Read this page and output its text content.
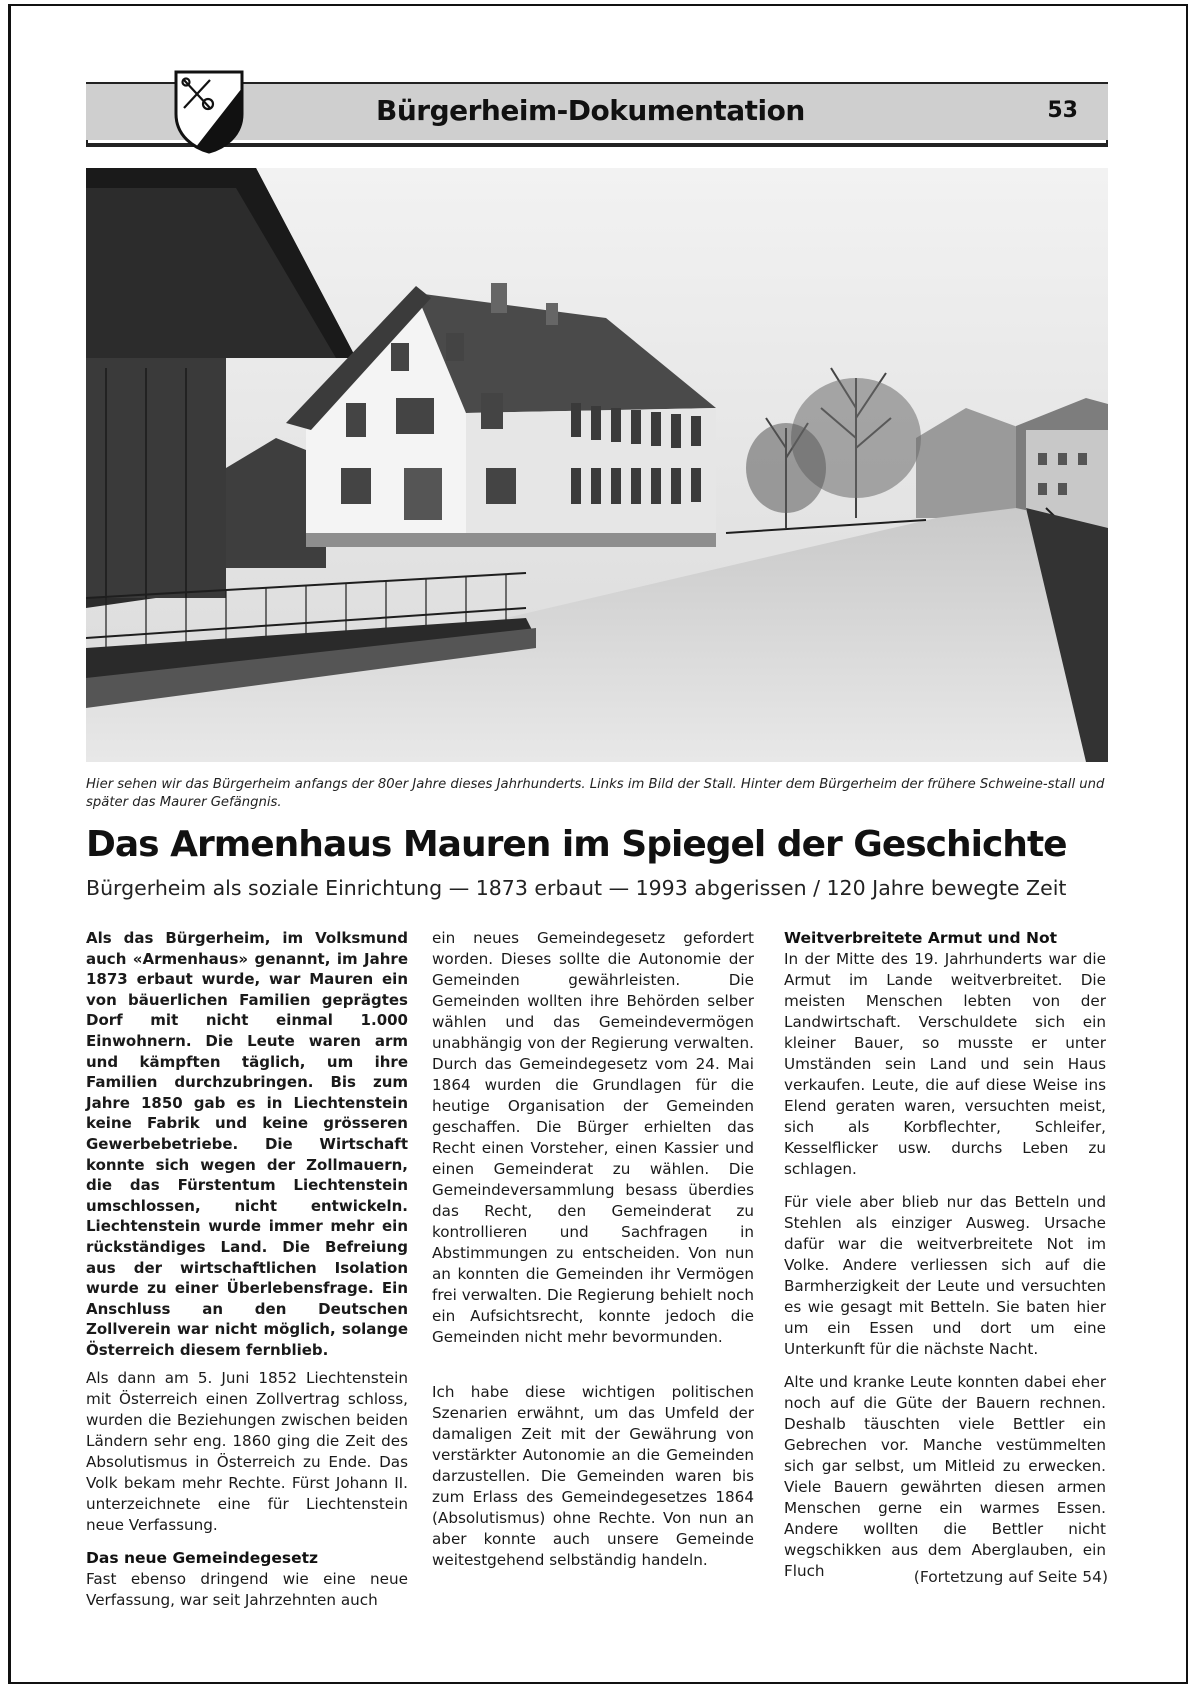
Bürgerheim-Dokumentation	53
Hier sehen wir das Bürgerheim anfangs der 80er Jahre dieses Jahrhunderts. Links im Bild der Stall. Hinter dem Bürgerheim der frühere Schweine-stall und später das Maurer Gefängnis.
Das Armenhaus Mauren im Spiegel der Geschichte
Bürgerheim als soziale Einrichtung — 1873 erbaut — 1993 abgerissen / 120 Jahre bewegte Zeit

Als das Bürgerheim, im Volksmund auch «Armenhaus» genannt, im Jahre 1873 erbaut wurde, war Mauren ein von bäuerlichen Familien geprägtes Dorf mit nicht einmal 1.000 Einwohnern. Die Leute waren arm und kämpften täglich, um ihre Familien durchzubringen. Bis zum Jahre 1850 gab es in Liechtenstein keine Fabrik und keine grösseren Gewerbebetriebe. Die Wirtschaft konnte sich wegen der Zollmauern, die das Fürstentum Liechtenstein umschlossen, nicht entwickeln. Liechtenstein wurde immer mehr ein rückständiges Land. Die Befreiung aus der wirtschaftlichen Isolation wurde zu einer Überlebensfrage. Ein Anschluss an den Deutschen Zollverein war nicht möglich, solange Österreich diesem fernblieb.

Als dann am 5. Juni 1852 Liechtenstein mit Österreich einen Zollvertrag schloss, wurden die Beziehungen zwischen beiden Ländern sehr eng. 1860 ging die Zeit des Absolutismus in Österreich zu Ende. Das Volk bekam mehr Rechte. Fürst Johann II. unterzeichnete eine für Liechtenstein neue Verfassung.

Das neue Gemeindegesetz

Fast ebenso dringend wie eine neue Verfassung, war seit Jahrzehnten auch

ein neues Gemeindegesetz gefordert worden. Dieses sollte die Autonomie der Gemeinden gewährleisten. Die Gemeinden wollten ihre Behörden selber wählen und das Gemeindevermögen unabhängig von der Regierung verwalten. Durch das Gemeindegesetz vom 24. Mai 1864 wurden die Grundlagen für die heutige Organisation der Gemeinden geschaffen. Die Bürger erhielten das Recht einen Vorsteher, einen Kassier und einen Gemeinderat zu wählen. Die Gemeindeversammlung besass überdies das Recht, den Gemeinderat zu kontrollieren und Sachfragen in Abstimmungen zu entscheiden. Von nun an konnten die Gemeinden ihr Vermögen frei verwalten. Die Regierung behielt noch ein Aufsichtsrecht, konnte jedoch die Gemeinden nicht mehr bevormunden.

Ich habe diese wichtigen politischen Szenarien erwähnt, um das Umfeld der damaligen Zeit mit der Gewährung von verstärkter Autonomie an die Gemeinden darzustellen. Die Gemeinden waren bis zum Erlass des Gemeindegesetzes 1864 (Absolutismus) ohne Rechte. Von nun an aber konnte auch unsere Gemeinde weitestgehend selbständig handeln.

Weitverbreitete Armut und Not

In der Mitte des 19. Jahrhunderts war die Armut im Lande weitverbreitet. Die meisten Menschen lebten von der Landwirtschaft. Verschuldete sich ein kleiner Bauer, so musste er unter Umständen sein Land und sein Haus verkaufen. Leute, die auf diese Weise ins Elend geraten waren, versuchten meist, sich als Korbflechter, Schleifer, Kesselflicker usw. durchs Leben zu schlagen.

Für viele aber blieb nur das Betteln und Stehlen als einziger Ausweg. Ursache dafür war die weitverbreitete Not im Volke. Andere verliessen sich auf die Barmherzigkeit der Leute und versuchten es wie gesagt mit Betteln. Sie baten hier um ein Essen und dort um eine Unterkunft für die nächste Nacht.

Alte und kranke Leute konnten dabei eher noch auf die Güte der Bauern rechnen. Deshalb täuschten viele Bettler ein Gebrechen vor. Manche vestümmelten sich gar selbst, um Mitleid zu erwecken. Viele Bauern gewährten diesen armen Menschen gerne ein warmes Essen. Andere wollten die Bettler nicht wegschikken aus dem Aberglauben, ein Fluch	(Fortetzung auf Seite 54)
